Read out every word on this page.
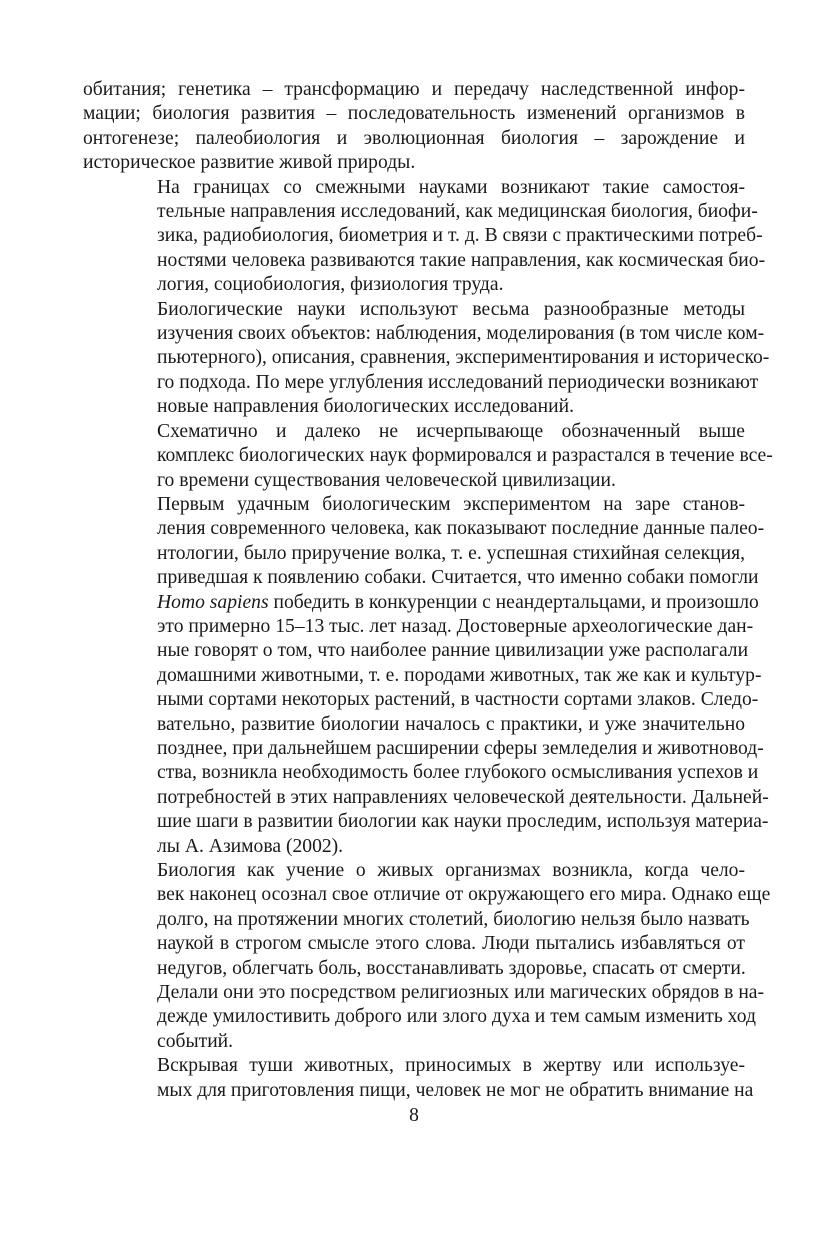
обитания; генетика – трансформацию и передачу наследственной инфор-
мации; биология развития – последовательность изменений организмов в
онтогенезе; палеобиология и эволюционная биология – зарождение и
историческое развитие живой природы.

На границах со смежными науками возникают такие самостоя-
тельные направления исследований, как медицинская биология, биофи-
зика, радиобиология, биометрия и т. д. В связи с практическими потреб-
ностями человека развиваются такие направления, как космическая био-
логия, социобиология, физиология труда.

Биологические науки используют весьма разнообразные методы
изучения своих объектов: наблюдения, моделирования (в том числе ком-
пьютерного), описания, сравнения, экспериментирования и историческо-
го подхода. По мере углубления исследований периодически возникают
новые направления биологических исследований.

Схематично и далеко не исчерпывающе обозначенный выше
комплекс биологических наук формировался и разрастался в течение все-
го времени существования человеческой цивилизации.

Первым удачным биологическим экспериментом на заре станов-
ления современного человека, как показывают последние данные палео-
нтологии, было приручение волка, т. е. успешная стихийная селекция,
приведшая к появлению собаки. Считается, что именно собаки помогли
Homo sapiens победить в конкуренции с неандертальцами, и произошло
это примерно 15–13 тыс. лет назад. Достоверные археологические дан-
ные говорят о том, что наиболее ранние цивилизации уже располагали
домашними животными, т. е. породами животных, так же как и культур-
ными сортами некоторых растений, в частности сортами злаков. Следо-
вательно, развитие биологии началось с практики, и уже значительно
позднее, при дальнейшем расширении сферы земледелия и животновод-
ства, возникла необходимость более глубокого осмысливания успехов и
потребностей в этих направлениях человеческой деятельности. Дальней-
шие шаги в развитии биологии как науки проследим, используя материа-
лы А. Азимова (2002).

Биология как учение о живых организмах возникла, когда чело-
век наконец осознал свое отличие от окружающего его мира. Однако еще
долго, на протяжении многих столетий, биологию нельзя было назвать
наукой в строгом смысле этого слова. Люди пытались избавляться от
недугов, облегчать боль, восстанавливать здоровье, спасать от смерти.
Делали они это посредством религиозных или магических обрядов в на-
дежде умилостивить доброго или злого духа и тем самым изменить ход
событий.

Вскрывая туши животных, приносимых в жертву или используе-
мых для приготовления пищи, человек не мог не обратить внимание на

8
